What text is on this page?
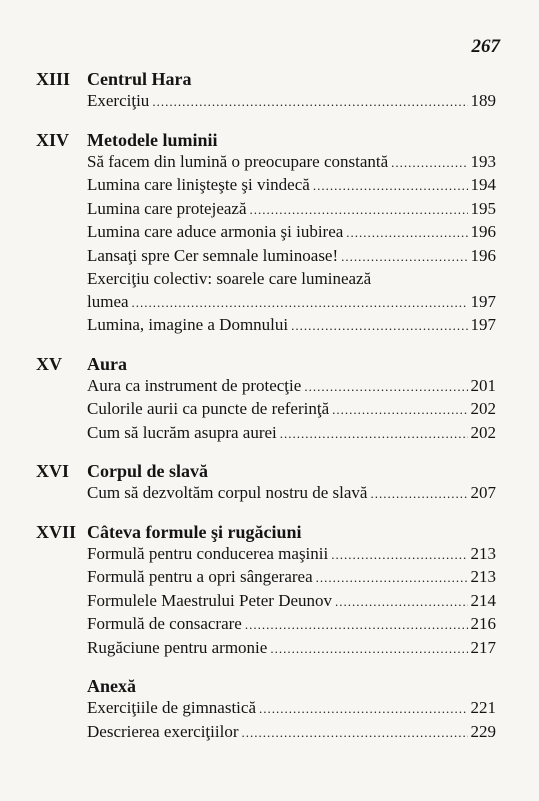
267
XIII Centrul Hara
Exerciţiu .....	189
XIV Metodele luminii
Să facem din lumină o preocupare constantă .....	193
Lumina care linişteşte şi vindecă .....	194
Lumina care protejează .....	195
Lumina care aduce armonia şi iubirea .....	196
Lansaţi spre Cer semnale luminoase! .....	196
Exerciţiu colectiv: soarele care luminează
lumea .....	197
Lumina, imagine a Domnului .....	197
XV	Aura
Aura ca instrument de protecţie .....	201
Culorile aurii ca puncte de referinţă .....	202
Cum să lucrăm asupra aurei .....	202
XVI Corpul de slavă
Cum să dezvoltăm corpul nostru de slavă .....	207
XVII Câteva formule şi rugăciuni
Formulă pentru conducerea maşinii .....	213
Formulă pentru a opri sângerarea .....	213
Formulele Maestrului Peter Deunov .....	214
Formulă de consacrare .....	216
Rugăciune pentru armonie .....	217
Anexă
Exerciţiile de gimnastică .....	221
Descrierea exerciţiilor .....	229
